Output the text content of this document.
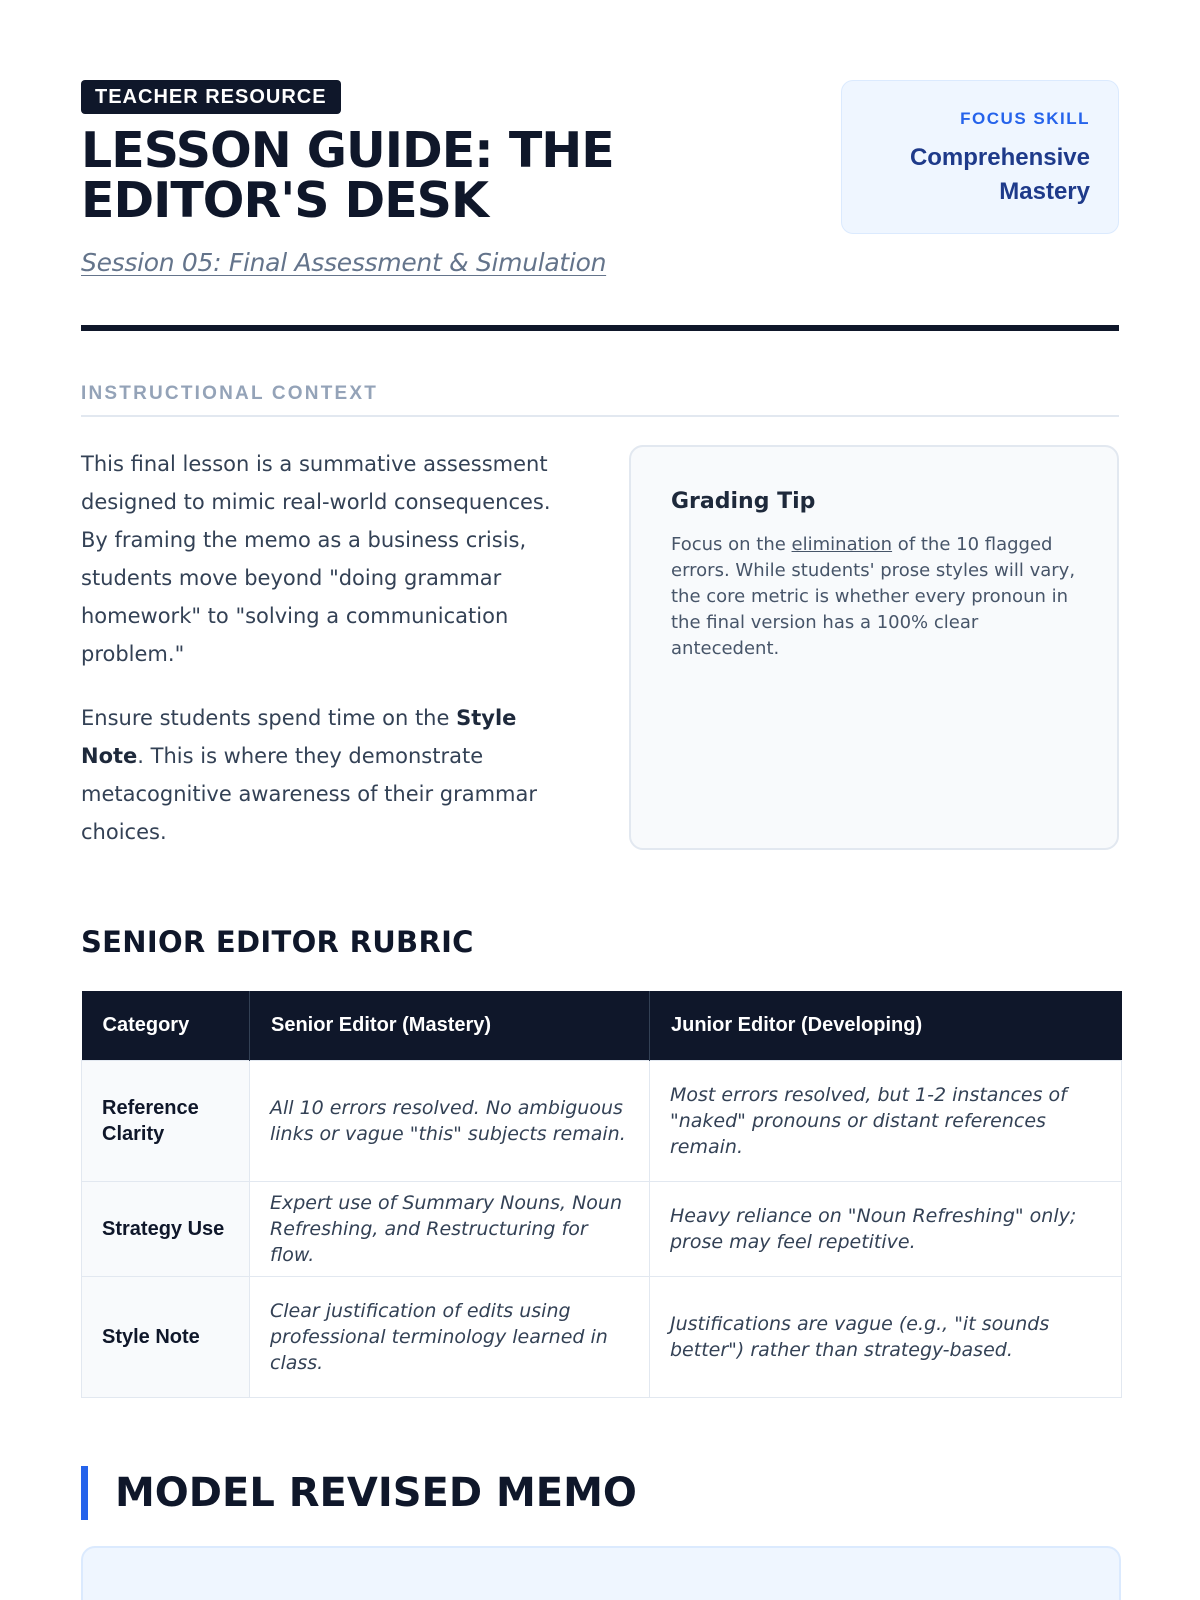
TEACHER RESOURCE
LESSON GUIDE: THE EDITOR'S DESK
Session 05: Final Assessment & Simulation
FOCUS SKILL
Comprehensive Mastery
INSTRUCTIONAL CONTEXT

This final lesson is a summative assessment designed to mimic real-world consequences. By framing the memo as a business crisis, students move beyond "doing grammar homework" to "solving a communication problem."

Ensure students spend time on the Style Note. This is where they demonstrate metacognitive awareness of their grammar choices.

Grading Tip
Focus on the elimination of the 10 flagged errors. While students' prose styles will vary, the core metric is whether every pronoun in the final version has a 100% clear antecedent.
SENIOR EDITOR RUBRIC
Category	Senior Editor (Mastery)	Junior Editor (Developing)
Reference Clarity	All 10 errors resolved. No ambiguous links or vague "this" subjects remain.	Most errors resolved, but 1-2 instances of "naked" pronouns or distant references remain.
Strategy Use	Expert use of Summary Nouns, Noun Refreshing, and Restructuring for flow.	Heavy reliance on "Noun Refreshing" only; prose may feel repetitive.
Style Note	Clear justification of edits using professional terminology learned in class.	Justifications are vague (e.g., "it sounds better") rather than strategy-based.
MODEL REVISED MEMO
